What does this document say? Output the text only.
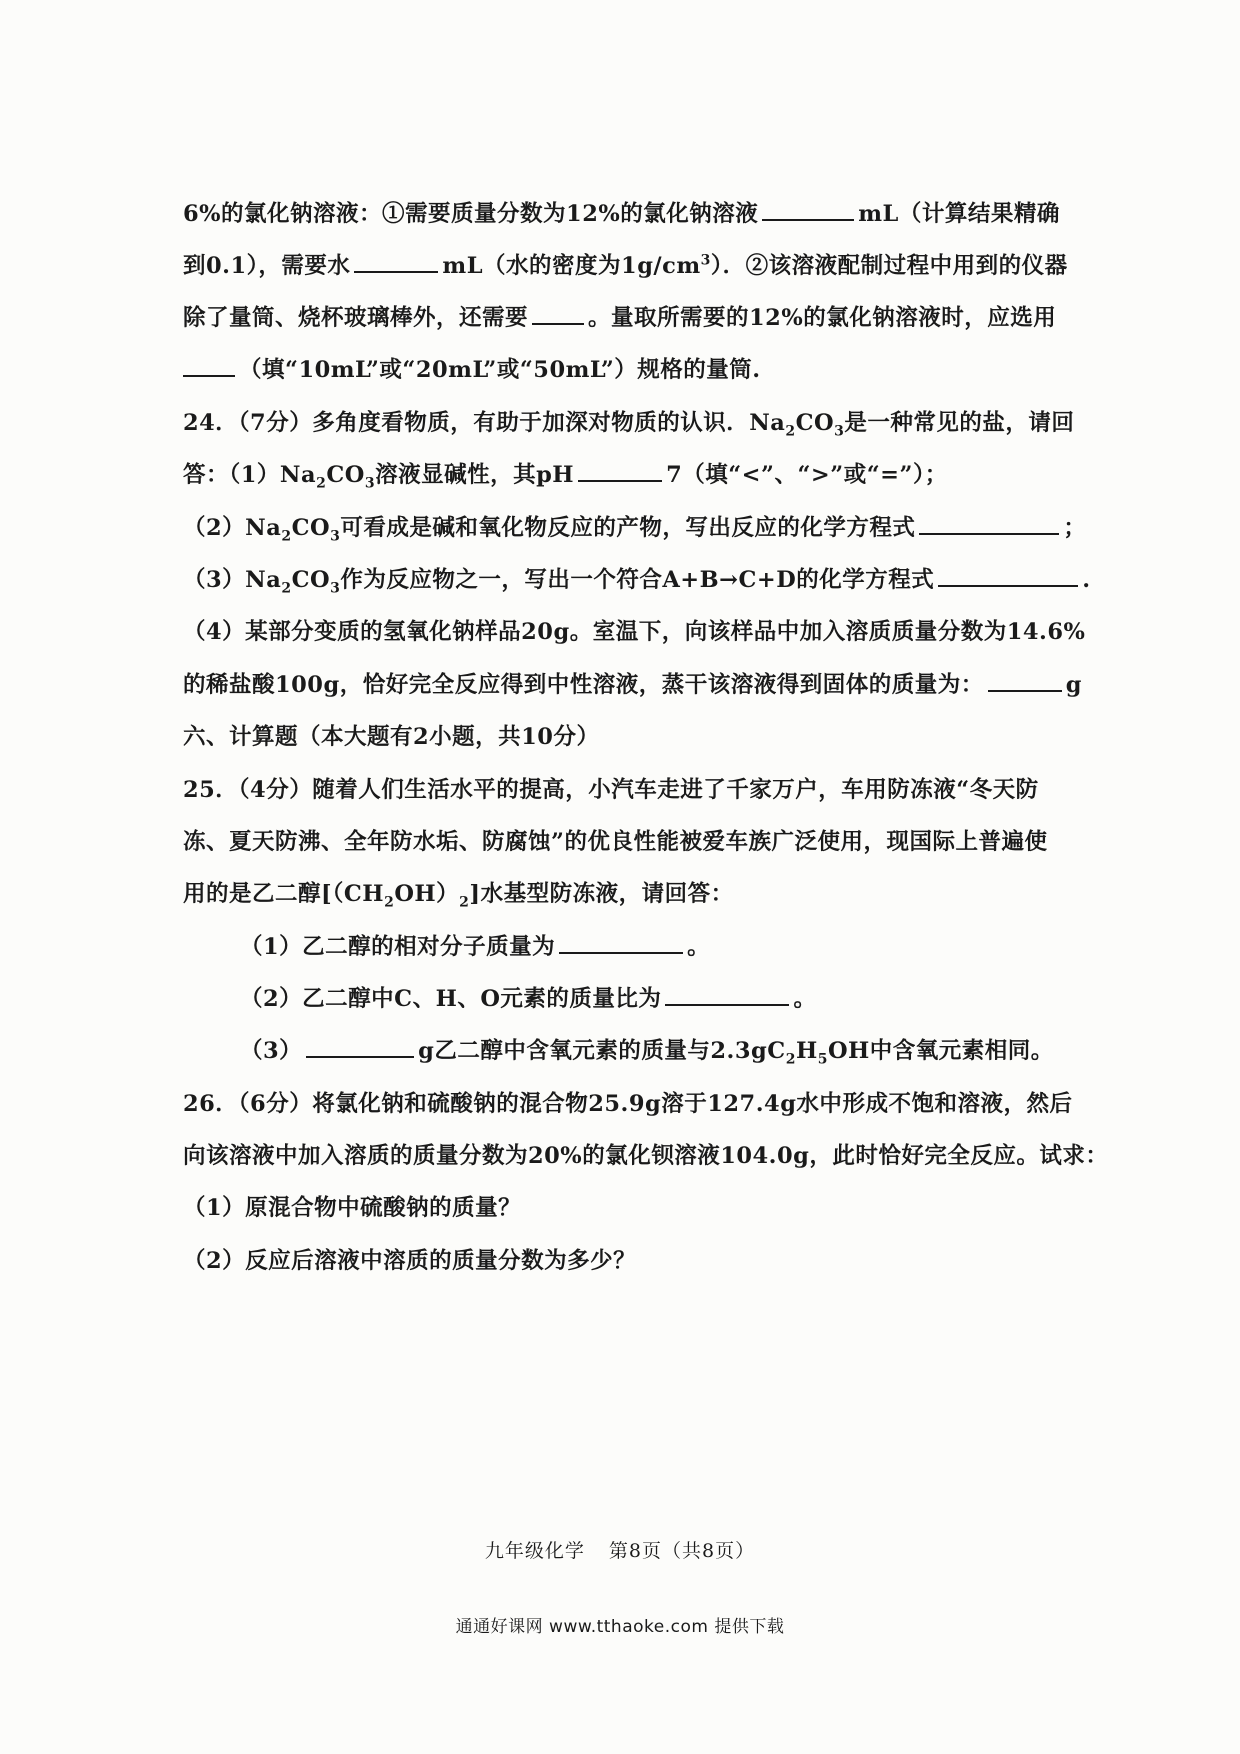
6%的氯化钠溶液：①需要质量分数为12%的氯化钠溶液	mL（计算结果精确
到0.1），需要水	mL（水的密度为$1g/cm^3$）．②该溶液配制过程中用到的仪器
除了量筒、烧杯玻璃棒外，还需要	。量取所需要的12%的氯化钠溶液时，应选用
（填“10mL”或“20mL”或“50mL”）规格的量筒.
24．（7分）多角度看物质，有助于加深对物质的认识．$Na_2CO_3$是一种常见的盐，请回
答：$(1)Na_2CO_3$溶液显碱性，其pH	7（填“<”、“>”或“=”）；
$(2)Na_2CO_3$可看成是碱和氧化物反应的产物，写出反应的化学方程式	；
$(3)Na_2CO_3$作为反应物之一，写出一个符合A+B→C+D的化学方程式	.
（4）某部分变质的氢氧化钠样品20g。室温下，向该样品中加入溶质质量分数为14.6%
的稀盐酸100g，恰好完全反应得到中性溶液，蒸干该溶液得到固体的质量为：	g
六、计算题（本大题有2小题，共10分）
25．（4分）随着人们生活水平的提高，小汽车走进了千家万户，车用防冻液“冬天防
冻、夏天防沸、全年防水垢、防腐蚀”的优良性能被爱车族广泛使用，现国际上普遍使
用的是乙二醇$[(CH_2OH)_2]$水基型防冻液，请回答：
（1）乙二醇的相对分子质量为	。
（2）乙二醇中C、H、O元素的质量比为	。
（3）	g乙二醇中含氧元素的质量与$2.3gC_2H_5OH$中含氧元素相同。
26．（6分）将氯化钠和硫酸钠的混合物25.9g溶于127.4g水中形成不饱和溶液，然后
向该溶液中加入溶质的质量分数为20%的氯化钡溶液104.0g，此时恰好完全反应。试求：
（1）原混合物中硫酸钠的质量？
（2）反应后溶液中溶质的质量分数为多少？
九年级化学 第8页（共8页）
通通好课网 www.tthaoke.com 提供下载
